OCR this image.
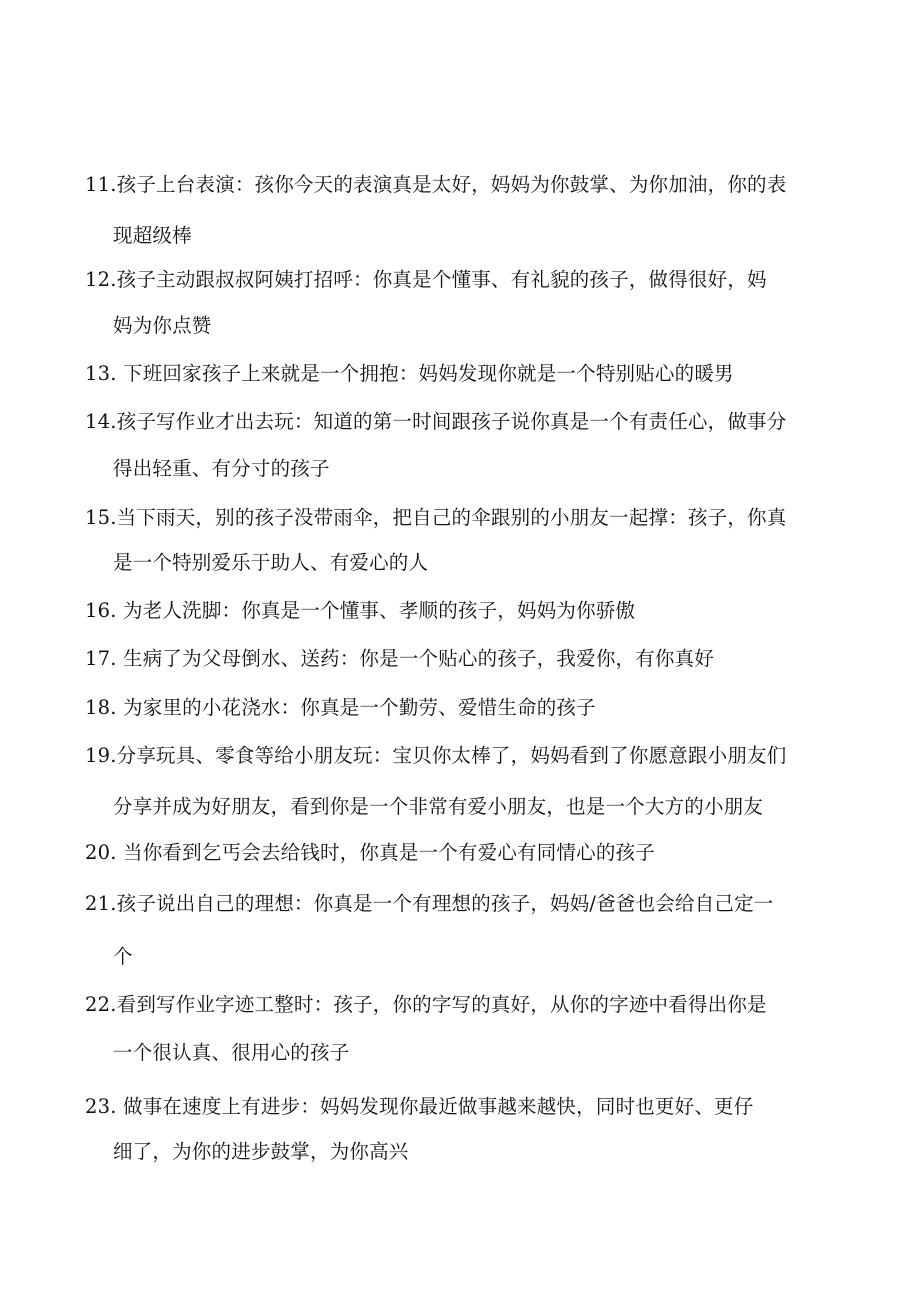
11.孩子上台表演：孩你今天的表演真是太好，妈妈为你鼓掌、为你加油，你的表
现超级棒
12.孩子主动跟叔叔阿姨打招呼：你真是个懂事、有礼貌的孩子，做得很好，妈
妈为你点赞
13. 下班回家孩子上来就是一个拥抱：妈妈发现你就是一个特别贴心的暖男
14.孩子写作业才出去玩：知道的第一时间跟孩子说你真是一个有责任心，做事分
得出轻重、有分寸的孩子
15.当下雨天，别的孩子没带雨伞，把自己的伞跟别的小朋友一起撑：孩子，你真
是一个特别爱乐于助人、有爱心的人
16. 为老人洗脚：你真是一个懂事、孝顺的孩子，妈妈为你骄傲
17. 生病了为父母倒水、送药：你是一个贴心的孩子，我爱你，有你真好
18. 为家里的小花浇水：你真是一个勤劳、爱惜生命的孩子
19.分享玩具、零食等给小朋友玩：宝贝你太棒了，妈妈看到了你愿意跟小朋友们
分享并成为好朋友，看到你是一个非常有爱小朋友，也是一个大方的小朋友
20. 当你看到乞丐会去给钱时，你真是一个有爱心有同情心的孩子
21.孩子说出自己的理想：你真是一个有理想的孩子，妈妈/爸爸也会给自己定一
个
22.看到写作业字迹工整时：孩子，你的字写的真好，从你的字迹中看得出你是
一个很认真、很用心的孩子
23. 做事在速度上有进步：妈妈发现你最近做事越来越快，同时也更好、更仔
细了，为你的进步鼓掌，为你高兴
